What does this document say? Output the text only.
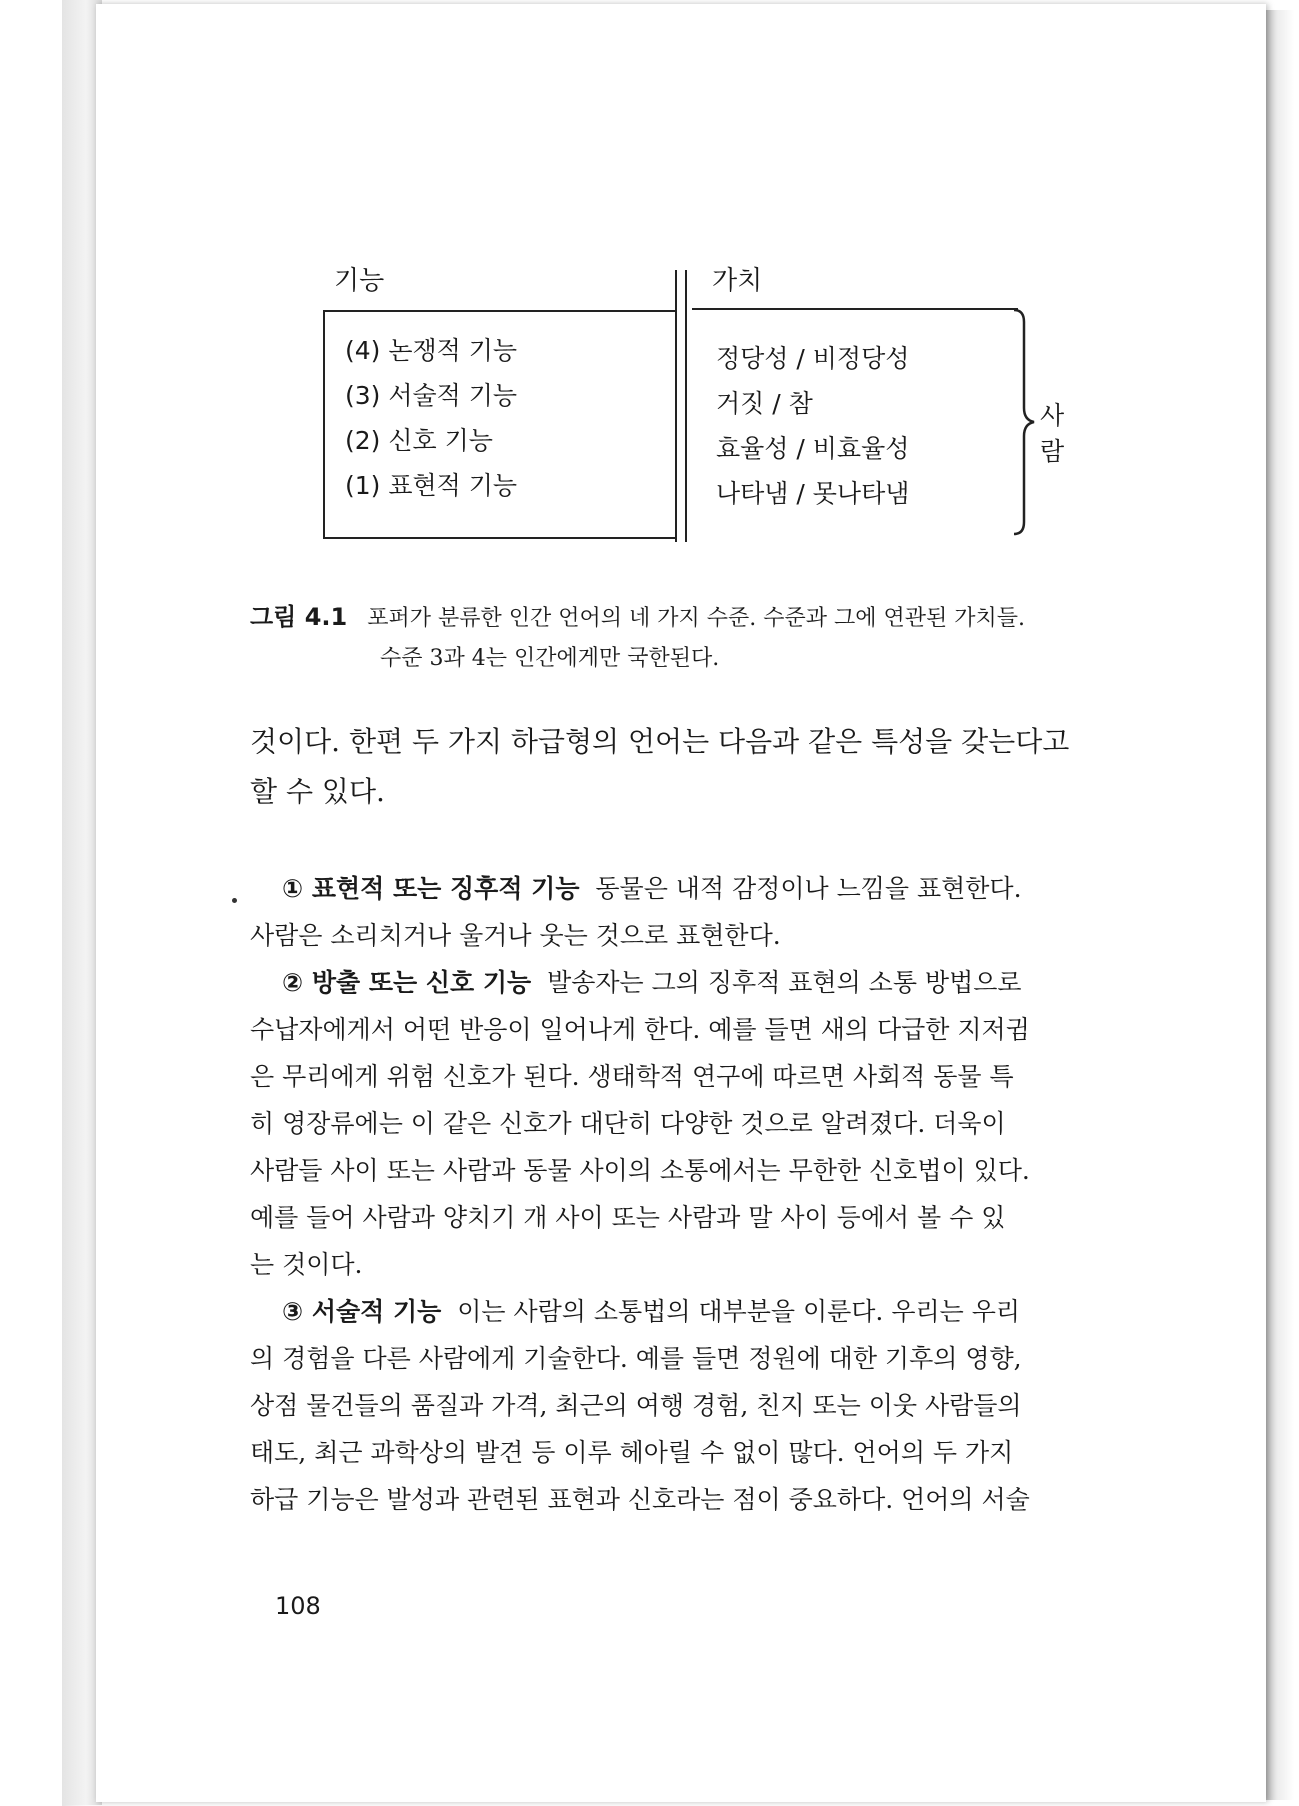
기능	가치
(4) 논쟁적 기능
(3) 서술적 기능
(2) 신호 기능
(1) 표현적 기능
정당성 / 비정당성
거짓 / 참
효율성 / 비효율성
나타냄 / 못나타냄
사람
그림 4.1 포퍼가 분류한 인간 언어의 네 가지 수준. 수준과 그에 연관된 가치들.
수준 3과 4는 인간에게만 국한된다.
것이다. 한편 두 가지 하급형의 언어는 다음과 같은 특성을 갖는다고
할 수 있다.
① 표현적 또는 징후적 기능 동물은 내적 감정이나 느낌을 표현한다.
사람은 소리치거나 울거나 웃는 것으로 표현한다.
② 방출 또는 신호 기능 발송자는 그의 징후적 표현의 소통 방법으로
수납자에게서 어떤 반응이 일어나게 한다. 예를 들면 새의 다급한 지저귐
은 무리에게 위험 신호가 된다. 생태학적 연구에 따르면 사회적 동물 특
히 영장류에는 이 같은 신호가 대단히 다양한 것으로 알려졌다. 더욱이
사람들 사이 또는 사람과 동물 사이의 소통에서는 무한한 신호법이 있다.
예를 들어 사람과 양치기 개 사이 또는 사람과 말 사이 등에서 볼 수 있
는 것이다.
③ 서술적 기능 이는 사람의 소통법의 대부분을 이룬다. 우리는 우리
의 경험을 다른 사람에게 기술한다. 예를 들면 정원에 대한 기후의 영향,
상점 물건들의 품질과 가격, 최근의 여행 경험, 친지 또는 이웃 사람들의
태도, 최근 과학상의 발견 등 이루 헤아릴 수 없이 많다. 언어의 두 가지
하급 기능은 발성과 관련된 표현과 신호라는 점이 중요하다. 언어의 서술
108
